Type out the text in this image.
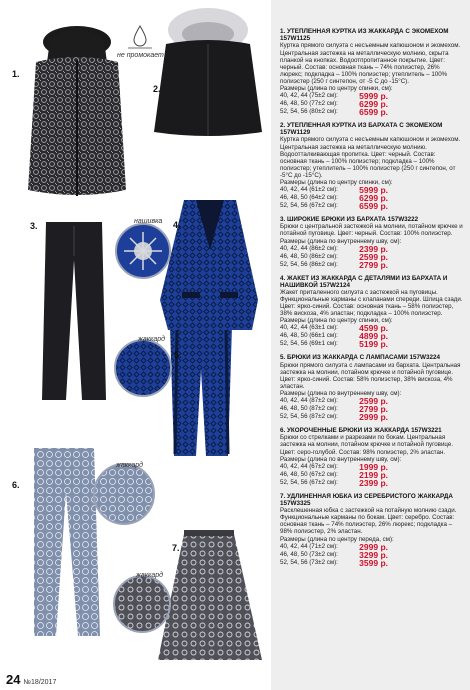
не промокает
нашивка
жаккард
жаккард
жаккард
1.
2.
3.	4.
5.
6.
7.
24 №18/2017
1. УТЕПЛЕННАЯ КУРТКА ИЗ ЖАККАРДА С ЭКОМЕХОМ 157W1125
Куртка прямого силуэта с несъемным капюшоном и экомехом. Центральная застежка на металлическую молнию, скрыта планкой на кнопках. Водоотпропитанное покрытие. Цвет: черный. Состав: основная ткань – 74% полиэстер, 26% люрекс; подкладка – 100% полиэстер; утеплитель – 100% полиэстер (250 г синтепон, от -5 С до -15°С).
Размеры (длина по центру спинки, см):
40, 42, 44 (75±2 см):	5999 р.
46, 48, 50 (77±2 см):	6299 р.
52, 54, 56 (80±2 см):	6599 р.
2. УТЕПЛЕННАЯ КУРТКА ИЗ БАРХАТА С ЭКОМЕХОМ 157W1129
Куртка прямого силуэта с несъемным капюшоном и экомехом. Центральная застежка на металлическую молнию. Водоотталкивающая пропитка. Цвет: черный. Состав: основная ткань – 100% полиэстер; подкладка – 100% полиэстер; утеплитель – 100% полиэстер (250 г синтепон, от -5°С до -15°С).
Размеры (длина по центру спинки, см):
40, 42, 44 (61±2 см):	5999 р.
46, 48, 50 (64±2 см):	6299 р.
52, 54, 56 (67±2 см):	6599 р.
3. ШИРОКИЕ БРЮКИ ИЗ БАРХАТА 157W3222
Брюки с центральной застежкой на молнии, потайном крючке и потайной пуговице. Цвет: черный. Состав: 100% полиэстер.
Размеры (длина по внутреннему шву, см):
40, 42, 44 (86±2 см):	2399 р.
46, 48, 50 (86±2 см):	2599 р.
52, 54, 56 (86±2 см):	2799 р.
4. ЖАКЕТ ИЗ ЖАККАРДА С ДЕТАЛЯМИ ИЗ БАРХАТА И НАШИВКОЙ 157W2124
Жакет приталенного силуэта с застежкой на пуговицы. Функциональные карманы с клапанами спереди. Шлица сзади. Цвет: ярко-синий. Состав: основная ткань – 58% полиэстер, 38% вискоза, 4% эластан; подкладка – 100% полиэстер.
Размеры (длина по центру спинки, см):
40, 42, 44 (63±1 см):	4599 р.
46, 48, 50 (66±1 см):	4899 р.
52, 54, 56 (69±1 см):	5199 р.
5. БРЮКИ ИЗ ЖАККАРДА С ЛАМПАСАМИ 157W3224
Брюки прямого силуэта с лампасами из бархата. Центральная застежка на молнии, потайном крючке и потайной пуговице. Цвет: ярко-синий. Состав: 58% полиэстер, 38% вискоза, 4% эластан.
Размеры (длина по внутреннему шву, см):
40, 42, 44 (87±2 см):	2599 р.
46, 48, 50 (87±2 см):	2799 р.
52, 54, 56 (87±2 см):	2999 р.
6. УКОРОЧЕННЫЕ БРЮКИ ИЗ ЖАККАРДА 157W3221
Брюки со стрелками и разрезами по бокам. Центральная застежка на молнии, потайном крючке и потайной пуговице. Цвет: серо-голубой. Состав: 98% полиэстер, 2% эластан.
Размеры (длина по внутреннему шву, см):
40, 42, 44 (67±2 см):	1999 р.
46, 48, 50 (67±2 см):	2199 р.
52, 54, 56 (67±2 см):	2399 р.
7. УДЛИНЕННАЯ ЮБКА ИЗ СЕРЕБРИСТОГО ЖАККАРДА 157W3325
Расклешенная юбка с застежкой на потайную молнию сзади. Функциональные карманы по бокам. Цвет: серебро. Состав: основная ткань – 74% полиэстер, 26% люрекс; подкладка – 98% полиэстер, 2% эластан.
Размеры (длина по центру переда, см):
40, 42, 44 (71±2 см):	2999 р.
46, 48, 50 (73±2 см):	3299 р.
52, 54, 56 (73±2 см):	3599 р.
